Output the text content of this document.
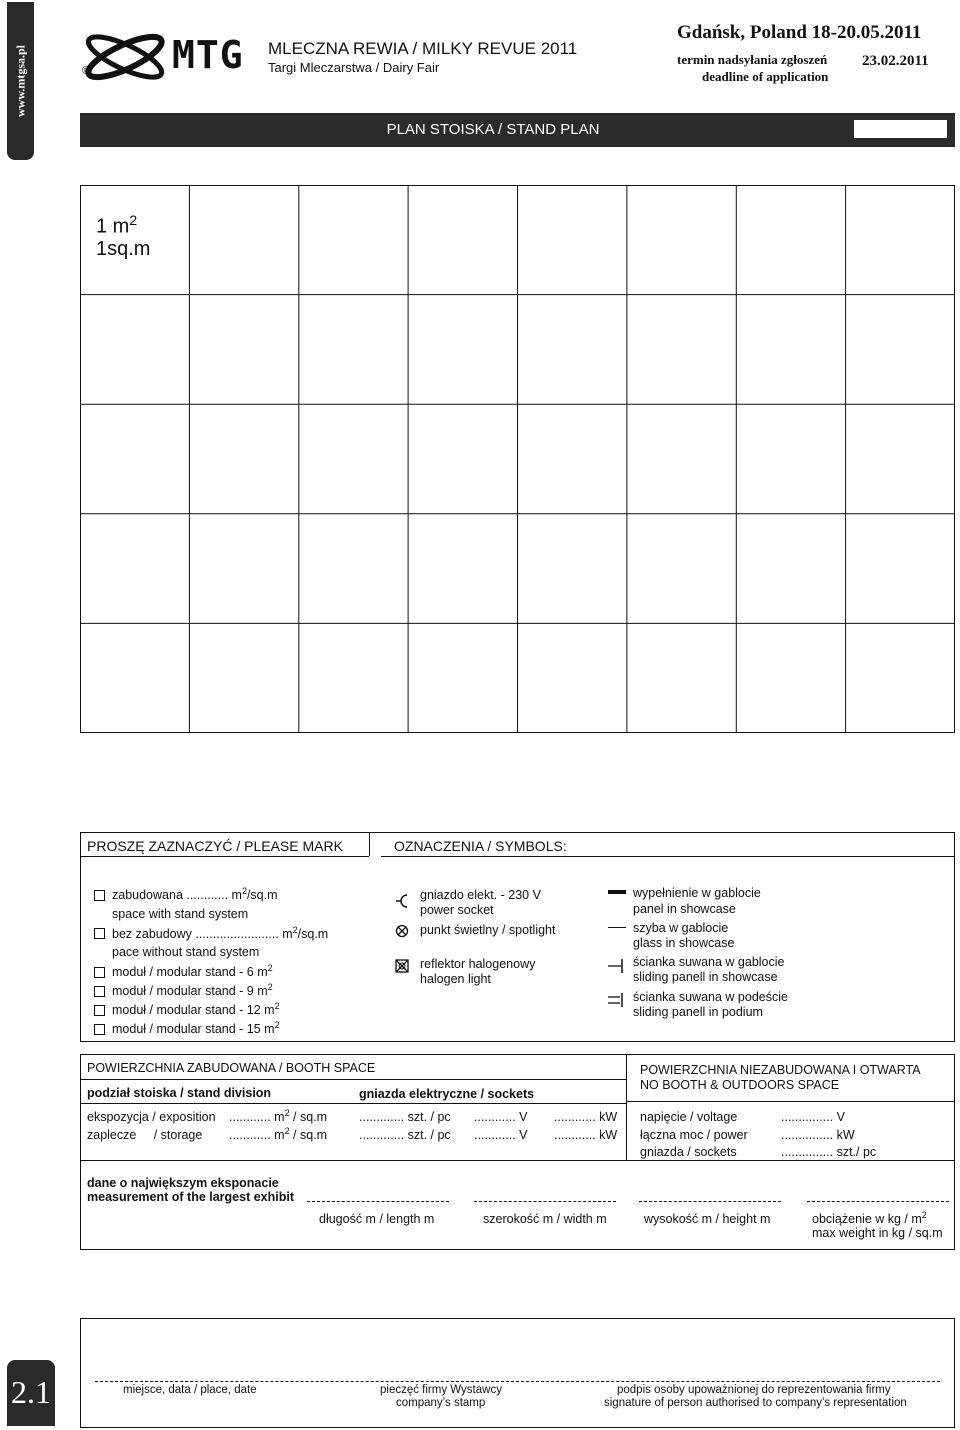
www.mtgsa.pl	® MTG MLECZNA REWIA / MILKY REVUE 2011
Targi Mleczarstwa / Dairy Fair
Gdańsk, Poland 18-20.05.2011
termin nadsyłania zgłoszeń
deadline of application
23.02.2011
PLAN STOISKA / STAND PLAN
1 $m^2$
1sq.m
PROSZĘ ZAZNACZYĆ / PLEASE MARK	OZNACZENIA / SYMBOLS:
zabudowana ............ $m^2/sq.m$
space with stand system
bez zabudowy ........................ $m^2/sq.m$
pace without stand system
moduł / modular stand - 6 $m^2$
moduł / modular stand - 9 $m^2$
moduł / modular stand - 12 $m^2$
moduł / modular stand - 15 $m^2$
gniazdo elekt. - 230 V
power socket
punkt świetlny / spotlight
reflektor halogenowy
halogen light
wypełnienie w gablocie
panel in showcase
szyba w gablocie
glass in showcase
ścianka suwana w gablocie
sliding panell in showcase
ścianka suwana w podeście
sliding panell in podium
POWIERZCHNIA ZABUDOWANA / BOOTH SPACE
podział stoiska / stand division	gniazda elektryczne / sockets
ekspozycja / exposition ............ $m^2 / sq.m$	............. szt. / pc ............ V ............ kW
zaplecze     / storage ............ $m^2 / sq.m$	............. szt. / pc ............ V ............ kW
POWIERZCHNIA NIEZABUDOWANA I OTWARTA
NO BOOTH & OUTDOORS SPACE
napięcie / voltage	............... V
łączna moc / power	............... kW
gniazda / sockets	............... szt./ pc
dane o największym eksponacie
measurement of the largest exhibit
długość m / length m	szerokość m / width m	wysokość m / height m	obciążenie w kg / $m^2$
max weight in kg / sq.m
2.1	miejsce, data / place, date	pieczęć firmy Wystawcy
company’s stamp
podpis osoby upoważnionej do reprezentowania firmy
signature of person authorised to company’s representation
